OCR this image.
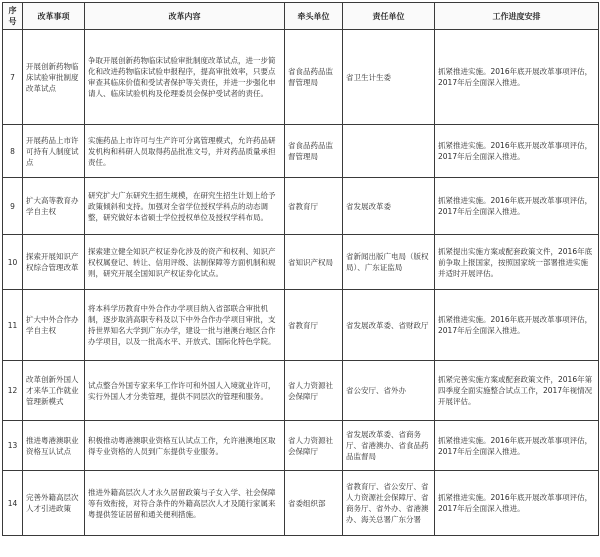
序号	改革事项	改革内容	牵头单位	责任单位	工作进度安排
7	开展创新药物临床试验审批制度改革试点	争取开展创新药物临床试验审批制度改革试点，进一步简化和改进药物临床试验申报程序，提高审批效率，只要点审查其临床价值和受试者保护等关责任，并进一步强化申请人、临床试验机构及伦理委员会保护受试者的责任。	省食品药品监督管理局	省卫生计生委	抓紧推进实施。2016年底开展改革事项评估，2017年后全面深入推进。
8	开展药品上市许可持有人制度试点	实施药品上市许可与生产许可分离管理模式，允许药品研发机构和科研人员取得药品批准文号，并对药品质量承担责任。	省食品药品监督管理局		抓紧推进实施。2016年底开展改革事项评估，2017年后全面深入推进。
9	扩大高等教育办学自主权	研究扩大广东研究生招生规模，在研究生招生计划上给予政策倾斜和支持。加强对全省学位授权学科点的动态调整，研究做好本省硕士学位授权单位及授权学科布局。	省教育厅	省发展改革委	抓紧推进实施。2016年底开展改革事项评估，2017年后全面深入推进。
10	探索开展知识产权综合管理改革	探索建立健全知识产权证券化涉及的资产和权利、知识产权权属登记、转让、信用评级、法制保障等方面机制和规则，研究开展全国知识产权证券化试点。	省知识产权局	省新闻出版广电局（版权局）、广东证监局	抓紧提出实施方案或配套政策文件，2016年底前争取上报国家，按照国家统一部署推进实施并适时开展评估。
11	扩大中外合作办学自主权	将本科学历教育中外合作办学项目纳入省部联合审批机制，逐步取消高职专科及以下中外合作办学项目审批，支持世界知名大学到广东办学，建设一批与港澳台地区合作办学项目，以及一批高水平、开放式、国际化特色学院。	省教育厅	省发展改革委、省财政厅	抓紧推进实施。2016年底开展改革事项评估，2017年后全面深入推进。
12	改革创新外国人才来华工作就业管理新模式	试点整合外国专家来华工作许可和外国人入境就业许可，实行外国人才分类管理，提供不同层次的管理和服务。	省人力资源社会保障厅	省公安厅、省外办	抓紧完善实施方案或配套政策文件，2016年第四季度全面实施整合试点工作，2017年视情况开展评估。
13	推进粤港澳职业资格互认试点	积极推动粤港澳职业资格互认试点工作，允许港澳地区取得专业资格的人员到广东提供专业服务。	省人力资源社会保障厅	省发展改革委、省商务厅、省港澳办、省食品药品监督局	抓紧推进实施。2016年底开展改革事项评估，2017年后全面深入推进。
14	完善外籍高层次人才引进政策	推进外籍高层次人才永久居留政策与子女入学、社会保障等有效衔接，对符合条件的外籍高层次人才及随行家属来粤提供签证居留和通关便利措施。	省委组织部	省教育厅、省公安厅、省人力资源社会保障厅、省商务厅、省外办、省港澳办、海关总署广东分署	抓紧推进实施。2016年底开展改革事项评估，2017年后全面深入推进。
